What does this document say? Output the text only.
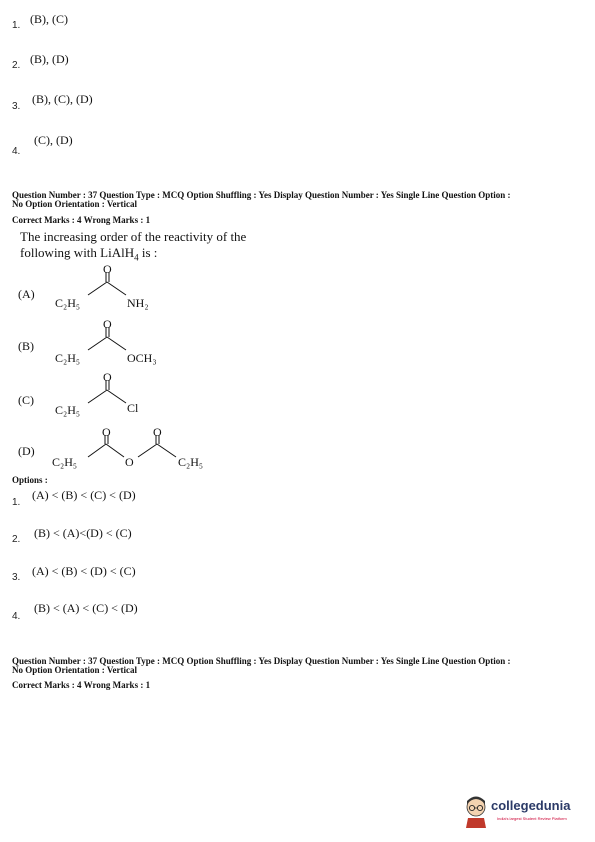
1. (B), (C)
2. (B), (D)
3.
(B), (C), (D)
4.
(C), (D)
Question Number : 37 Question Type : MCQ Option Shuffling : Yes Display Question Number : Yes Single Line Question Option :
No Option Orientation : Vertical
Correct Marks : 4 Wrong Marks : 1
The increasing order of the reactivity of the
following with LiAlH$_4$ is :
(A)
C₂H₅	NH₂
O
(B)
C₂H₅	OCH₃
O
(C)
C₂H₅	Cl
O
(D)
C₂H₅	O	C₂H₅
O	O
Options :
1.
(A) < (B) < (C) < (D)
2. (B) < (A)<(D) < (C)
3. (A) < (B) < (D) < (C)
4.
(B) < (A) < (C) < (D)
Question Number : 37 Question Type : MCQ Option Shuffling : Yes Display Question Number : Yes Single Line Question Option :
No Option Orientation : Vertical
Correct Marks : 4 Wrong Marks : 1
collegedunia
India's largest Student Review Platform
